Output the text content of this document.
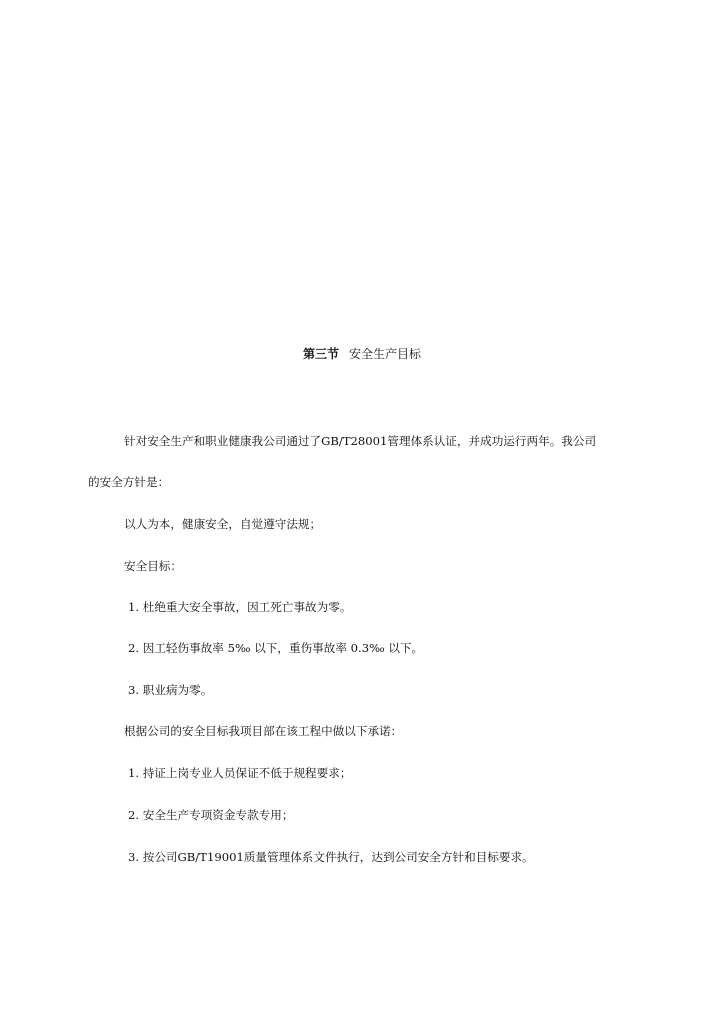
第三节 安全生产目标
针对安全生产和职业健康我公司通过了GB/T28001管理体系认证，并成功运行两年。我公司
的安全方针是：
以人为本，健康安全，自觉遵守法规；
安全目标：
1. 杜绝重大安全事故，因工死亡事故为零。
2. 因工轻伤事故率 5‰ 以下，重伤事故率 0.3‰ 以下。
3. 职业病为零。
根据公司的安全目标我项目部在该工程中做以下承诺：
1. 持证上岗专业人员保证不低于规程要求；
2. 安全生产专项资金专款专用；
3. 按公司GB/T19001质量管理体系文件执行，达到公司安全方针和目标要求。
